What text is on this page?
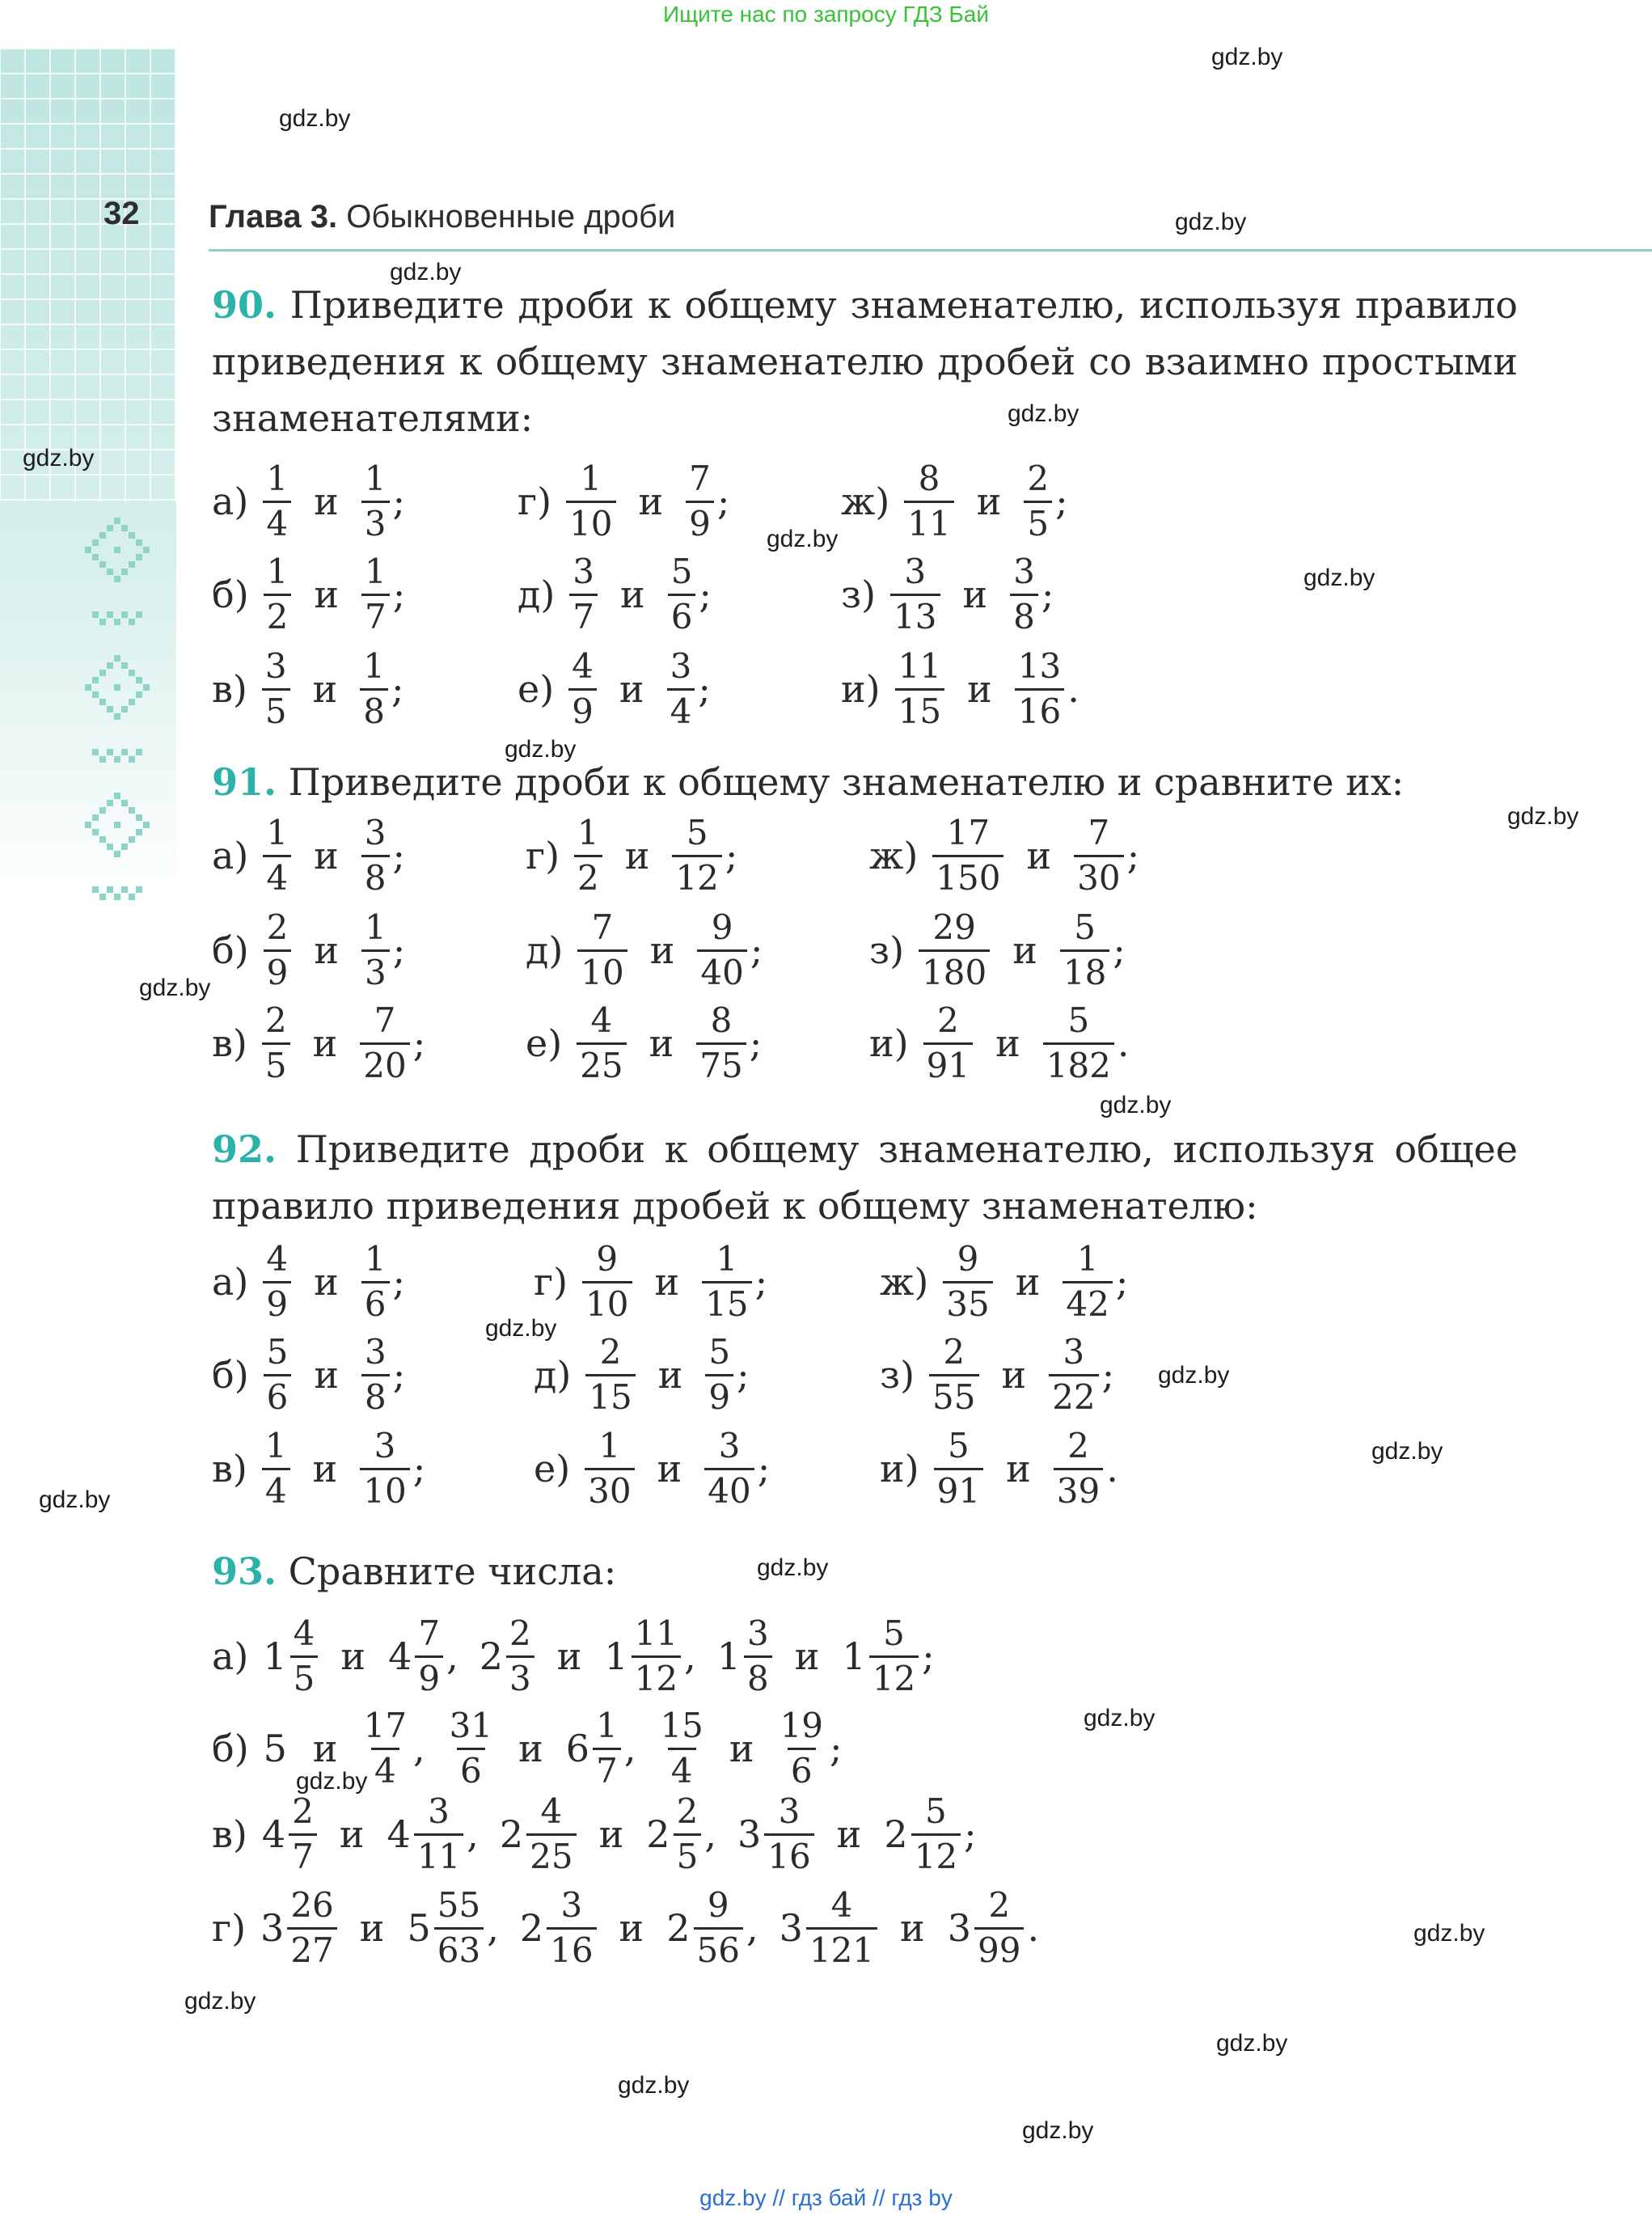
Ищите нас по запросу ГДЗ Бай
32 Глава 3. Обыкновенные дроби
90. Приведите дроби к общему знаменателю, используя правило приведения к общему знаменателю дробей со взаимно простыми знаменателями:
91. Приведите дроби к общему знаменателю и сравните их:
92. Приведите дроби к общему знаменателю, используя общее правило приведения дробей к общему знаменателю:
93. Сравните числа:
$а) \frac{1}{4}$ и $\frac{1}{3}$ ;
$б) \frac{1}{2}$ и $\frac{1}{7}$ ;
$в) \frac{3}{5}$ и $\frac{1}{8}$ ;
$г) \frac{1}{10}$ и $\frac{7}{9}$ ;
$д) \frac{3}{7}$ и $\frac{5}{6}$ ;
$е) \frac{4}{9}$ и $\frac{3}{4}$ ;
$ж) \frac{8}{11}$ и $\frac{2}{5}$ ;
$з) \frac{3}{13}$ и $\frac{3}{8}$ ;
$и) \frac{11}{15}$ и $\frac{13}{16}$ .
$а) \frac{1}{4}$ и $\frac{3}{8}$ ;
$б) \frac{2}{9}$ и $\frac{1}{3}$ ;
$в) \frac{2}{5}$ и $\frac{7}{20}$ ;
$г) \frac{1}{2}$ и $\frac{5}{12}$ ;
$д) \frac{7}{10}$ и $\frac{9}{40}$ ;
$е) \frac{4}{25}$ и $\frac{8}{75}$ ;
$ж) \frac{17}{150}$ и $\frac{7}{30}$ ;
$з) \frac{29}{180}$ и $\frac{5}{18}$ ;
$и) \frac{2}{91}$ и $\frac{5}{182}$ .
$а) \frac{4}{9}$ и $\frac{1}{6}$ ;
$б) \frac{5}{6}$ и $\frac{3}{8}$ ;
$в) \frac{1}{4}$ и $\frac{3}{10}$ ;
$г) \frac{9}{10}$ и $\frac{1}{15}$ ;
$д) \frac{2}{15}$ и $\frac{5}{9}$ ;
$е) \frac{1}{30}$ и $\frac{3}{40}$ ;
$ж) \frac{9}{35}$ и $\frac{1}{42}$ ;
$з) \frac{2}{55}$ и $\frac{3}{22}$ ;
$и) \frac{5}{91}$ и $\frac{2}{39}$ .
а) $1 \frac{4}{5}$ и $4 \frac{7}{9}$ , $2 \frac{2}{3}$ и $1 \frac{11}{12}$ , $1 \frac{3}{8}$ и $1 \frac{5}{12}$ ;
б) 5 и $\frac{17}{4}$ , $\frac{31}{6}$ и $6 \frac{1}{7}$ , $\frac{15}{4}$ и $\frac{19}{6}$ ;
в) $4 \frac{2}{7}$ и $4 \frac{3}{11}$ , $2 \frac{4}{25}$ и $2 \frac{2}{5}$ , $3 \frac{3}{16}$ и $2 \frac{5}{12}$ ;
г) $3 \frac{26}{27}$ и $5 \frac{55}{63}$ , $2 \frac{3}{16}$ и $2 \frac{9}{56}$ , $3 \frac{4}{121}$ и $3 \frac{2}{99}$ .
gdz.by
gdz.by
gdz.by
gdz.by
gdz.by
gdz.by
gdz.by
gdz.by
gdz.by
gdz.by
gdz.by
gdz.by
gdz.by
gdz.by
gdz.by
gdz.by
gdz.by
gdz.by
gdz.by
gdz.by
gdz.by
gdz.by
gdz.by
gdz.by
gdz.by // гдз бай // гдз by
